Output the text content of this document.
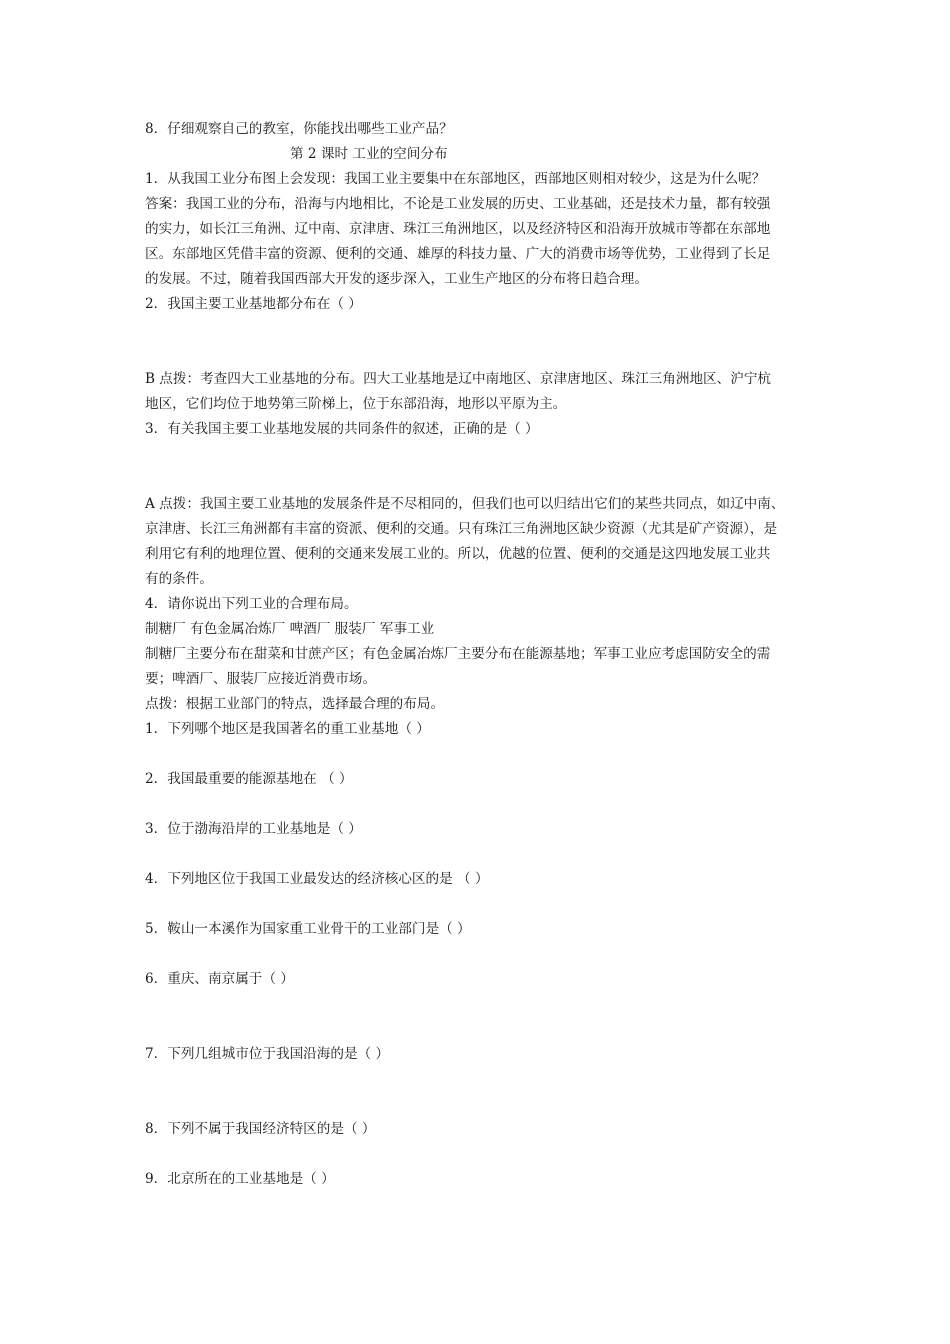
8．仔细观察自己的教室，你能找出哪些工业产品？
第 2 课时 工业的空间分布
1．从我国工业分布图上会发现：我国工业主要集中在东部地区，西部地区则相对较少，这是为什么呢？
答案：我国工业的分布，沿海与内地相比，不论是工业发展的历史、工业基础，还是技术力量，都有较强
的实力，如长江三角洲、辽中南、京津唐、珠江三角洲地区，以及经济特区和沿海开放城市等都在东部地
区。东部地区凭借丰富的资源、便利的交通、雄厚的科技力量、广大的消费市场等优势，工业得到了长足
的发展。不过，随着我国西部大开发的逐步深入，工业生产地区的分布将日趋合理。
2．我国主要工业基地都分布在（ ）
B 点拨：考查四大工业基地的分布。四大工业基地是辽中南地区、京津唐地区、珠江三角洲地区、沪宁杭
地区，它们均位于地势第三阶梯上，位于东部沿海，地形以平原为主。
3．有关我国主要工业基地发展的共同条件的叙述，正确的是（ ）
A 点拨：我国主要工业基地的发展条件是不尽相同的，但我们也可以归结出它们的某些共同点，如辽中南、
京津唐、长江三角洲都有丰富的资派、便利的交通。只有珠江三角洲地区缺少资源（尤其是矿产资源），是
利用它有利的地理位置、便利的交通来发展工业的。所以，优越的位置、便利的交通是这四地发展工业共
有的条件。
4．请你说出下列工业的合理布局。
制糖厂 有色金属冶炼厂 啤酒厂 服装厂 军事工业
制糖厂主要分布在甜菜和甘蔗产区；有色金属冶炼厂主要分布在能源基地；军事工业应考虑国防安全的需
要；啤酒厂、服装厂应接近消费市场。
点拨：根据工业部门的特点，选择最合理的布局。
1．下列哪个地区是我国著名的重工业基地（ ）
2．我国最重要的能源基地在 （ ）
3．位于渤海沿岸的工业基地是（ ）
4．下列地区位于我国工业最发达的经济核心区的是 （ ）
5．鞍山一本溪作为国家重工业骨干的工业部门是（ ）
6．重庆、南京属于（ ）
7．下列几组城市位于我国沿海的是（ ）
8．下列不属于我国经济特区的是（ ）
9．北京所在的工业基地是（ ）
